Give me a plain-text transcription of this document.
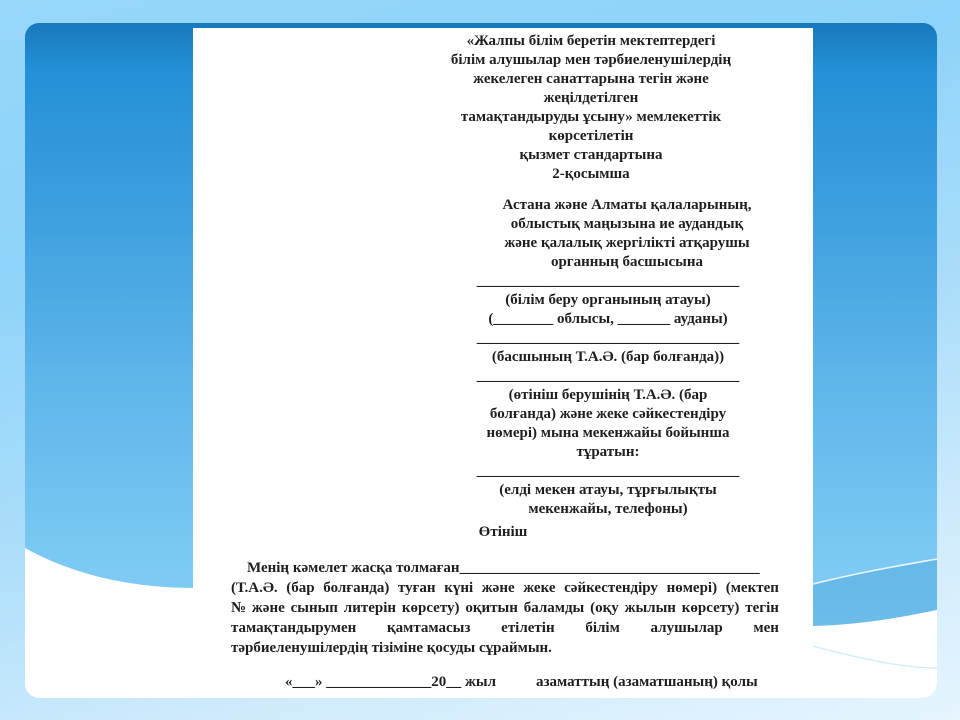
«Жалпы білім беретін мектептердегі
білім алушылар мен тәрбиеленушілердің
жекелеген санаттарына тегін және
жеңілдетілген
тамақтандыруды ұсыну» мемлекеттік
көрсетілетін
қызмет стандартына
2-қосымша
Астана және Алматы қалаларының,
облыстық маңызына ие аудандық
және қалалық жергілікті атқарушы
органның басшысына
___________________________________
(білім беру органының атауы)
(________ облысы, _______ ауданы)
___________________________________
(басшының Т.А.Ә. (бар болғанда))
___________________________________
(өтініш берушінің Т.А.Ә. (бар
болғанда) және жеке сәйкестендіру
нөмері) мына мекенжайы бойынша
тұратын:
___________________________________
(елді мекен атауы, тұрғылықты
мекенжайы, телефоны)
Өтініш
Менің кәмелет жасқа толмаған________________________________________
(Т.А.Ә. (бар болғанда) туған күні және жеке сәйкестендіру нөмері) (мектеп
№ және сынып литерін көрсету) оқитын баламды (оқу жылын көрсету) тегін
тамақтандырумен қамтамасыз етілетін білім алушылар мен
тәрбиеленушілердің тізіміне қосуды сұраймын.
«___» ______________20__ жыл	азаматтың (азаматшаның) қолы
